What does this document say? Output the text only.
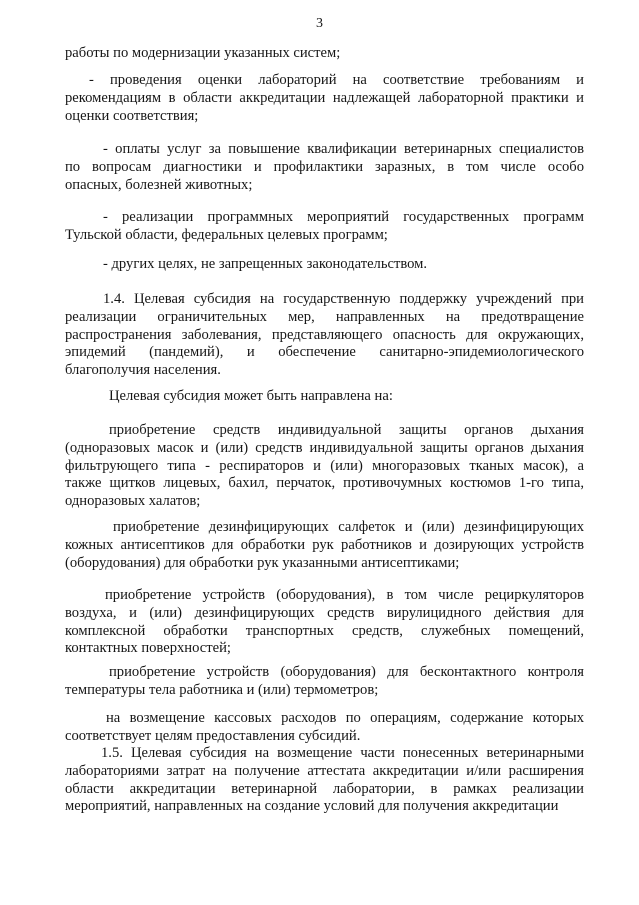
3
работы по модернизации указанных систем;
- проведения оценки лабораторий на соответствие требованиям и
рекомендациям в области аккредитации надлежащей лабораторной практики и
оценки соответствия;
- оплаты услуг за повышение квалификации ветеринарных специалистов
по вопросам диагностики и профилактики заразных, в том числе особо
опасных, болезней животных;
- реализации программных мероприятий государственных программ
Тульской области, федеральных целевых программ;
- других целях, не запрещенных законодательством.
1.4. Целевая субсидия на государственную поддержку учреждений при
реализации ограничительных мер, направленных на предотвращение
распространения заболевания, представляющего опасность для окружающих,
эпидемий (пандемий), и обеспечение санитарно-эпидемиологического
благополучия населения.
Целевая субсидия может быть направлена на:
приобретение средств индивидуальной защиты органов дыхания
(одноразовых масок и (или) средств индивидуальной защиты органов дыхания
фильтрующего типа - респираторов и (или) многоразовых тканых масок), а
также щитков лицевых, бахил, перчаток, противочумных костюмов 1-го типа,
одноразовых халатов;
приобретение дезинфицирующих салфеток и (или) дезинфицирующих
кожных антисептиков для обработки рук работников и дозирующих устройств
(оборудования) для обработки рук указанными антисептиками;
приобретение устройств (оборудования), в том числе рециркуляторов
воздуха, и (или) дезинфицирующих средств вирулицидного действия для
комплексной обработки транспортных средств, служебных помещений,
контактных поверхностей;
приобретение устройств (оборудования) для бесконтактного контроля
температуры тела работника и (или) термометров;
на возмещение кассовых расходов по операциям, содержание которых
соответствует целям предоставления субсидий.
1.5. Целевая субсидия на возмещение части понесенных ветеринарными
лабораториями затрат на получение аттестата аккредитации и/или расширения
области аккредитации ветеринарной лаборатории, в рамках реализации
мероприятий, направленных на создание условий для получения аккредитации
